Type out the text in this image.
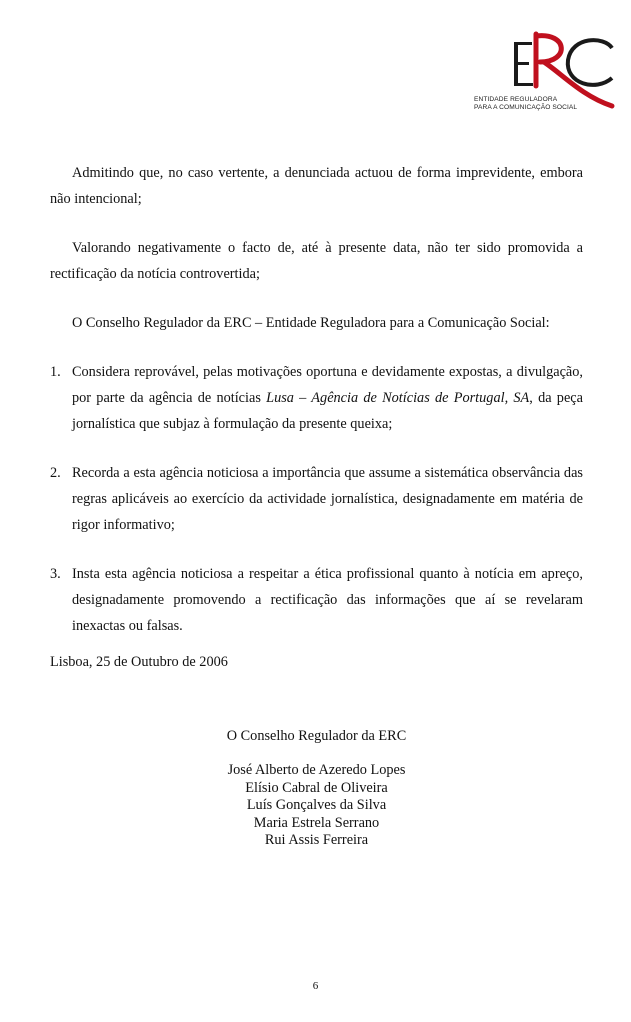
ENTIDADE REGULADORA
PARA A COMUNICAÇÃO SOCIAL

Admitindo que, no caso vertente, a denunciada actuou de forma imprevidente, embora não intencional;

Valorando negativamente o facto de, até à presente data, não ter sido promovida a rectificação da notícia controvertida;

O Conselho Regulador da ERC – Entidade Reguladora para a Comunicação Social:

1. Considera reprovável, pelas motivações oportuna e devidamente expostas, a divulgação, por parte da agência de notícias Lusa – Agência de Notícias de Portugal, SA, da peça jornalística que subjaz à formulação da presente queixa;
2. Recorda a esta agência noticiosa a importância que assume a sistemática observância das regras aplicáveis ao exercício da actividade jornalística, designadamente em matéria de rigor informativo;
3. Insta esta agência noticiosa a respeitar a ética profissional quanto à notícia em apreço, designadamente promovendo a rectificação das informações que aí se revelaram inexactas ou falsas.

Lisboa, 25 de Outubro de 2006

O Conselho Regulador da ERC
José Alberto de Azeredo Lopes
Elísio Cabral de Oliveira
Luís Gonçalves da Silva
Maria Estrela Serrano
Rui Assis Ferreira
6
